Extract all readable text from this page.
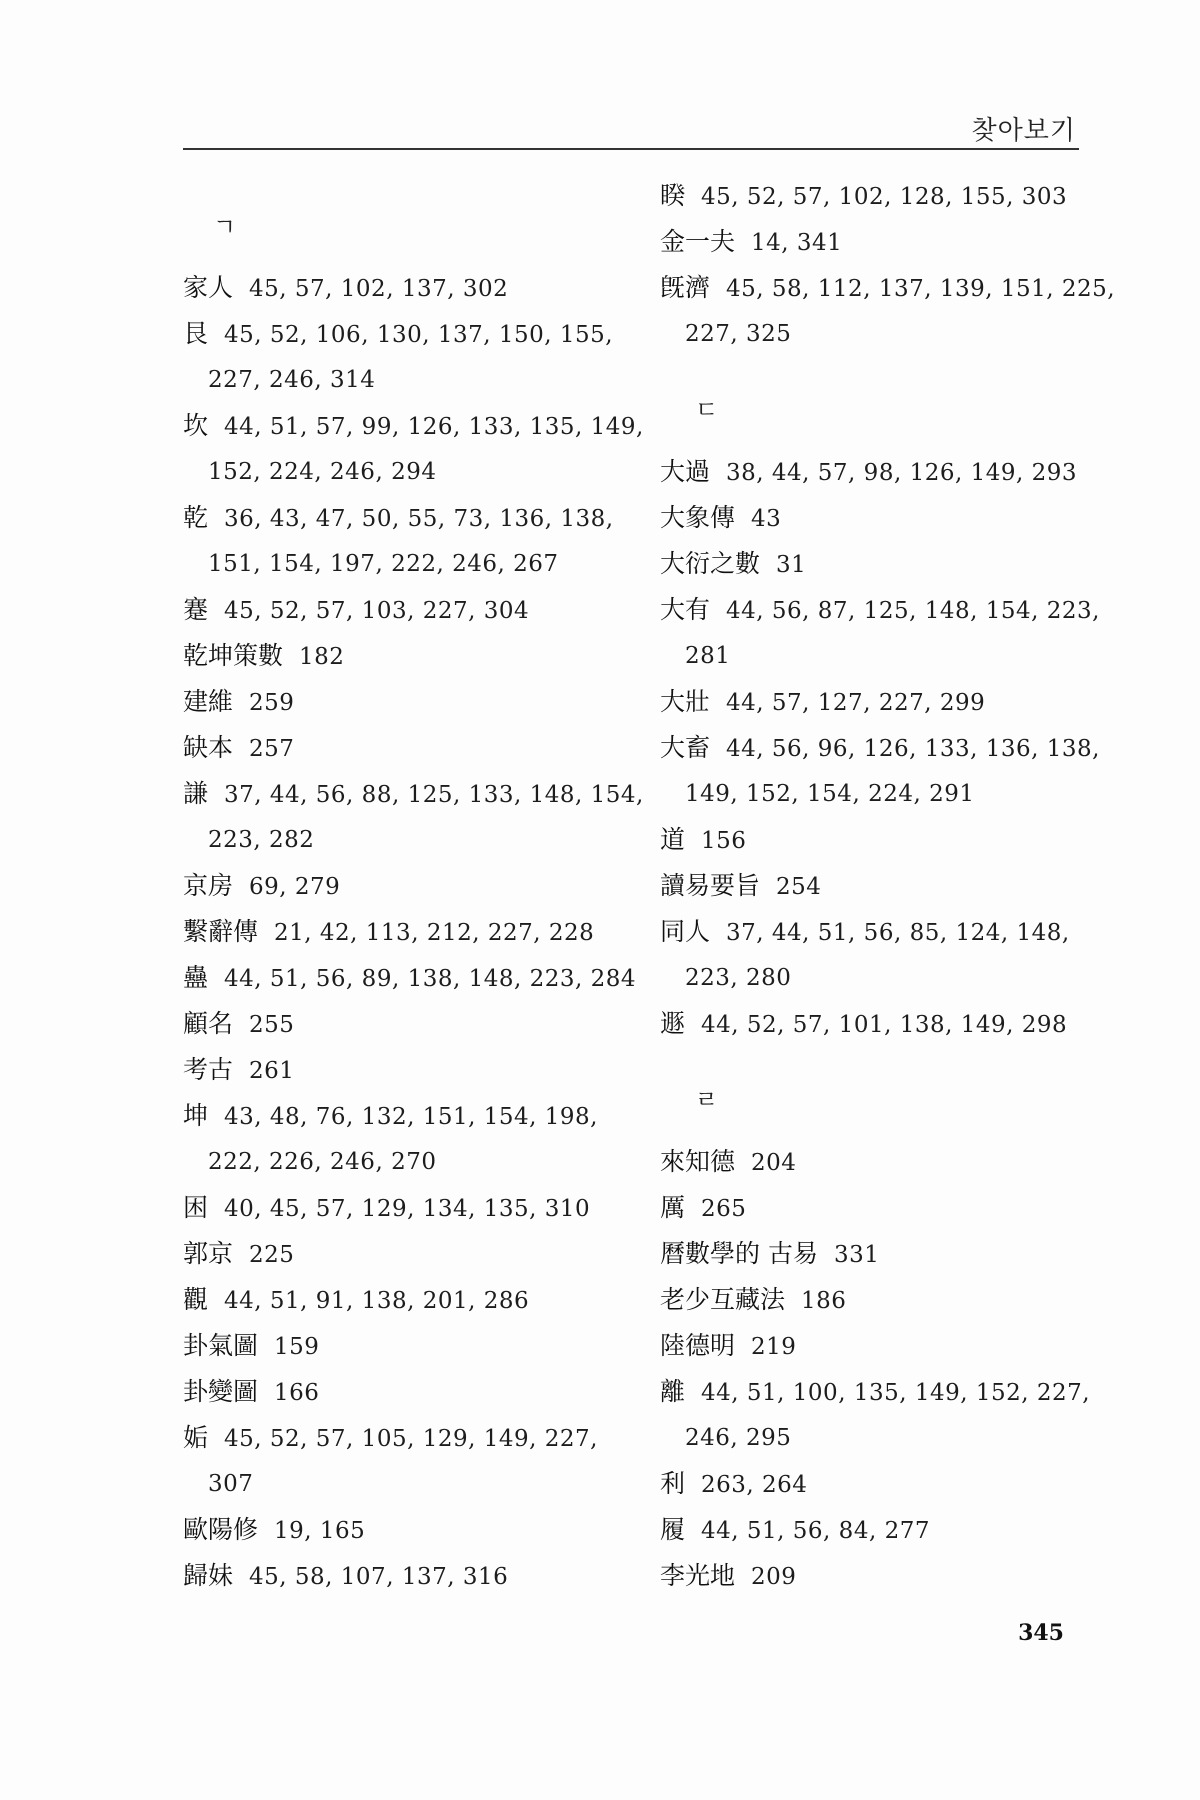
찾아보기
ㄱ
家人 45, 57, 102, 137, 302
艮 45, 52, 106, 130, 137, 150, 155,
227, 246, 314
坎 44, 51, 57, 99, 126, 133, 135, 149,
152, 224, 246, 294
乾 36, 43, 47, 50, 55, 73, 136, 138,
151, 154, 197, 222, 246, 267
蹇 45, 52, 57, 103, 227, 304
乾坤策數 182
建維 259
缺本 257
謙 37, 44, 56, 88, 125, 133, 148, 154,
223, 282
京房 69, 279
繫辭傳 21, 42, 113, 212, 227, 228
蠱 44, 51, 56, 89, 138, 148, 223, 284
顧名 255
考古 261
坤 43, 48, 76, 132, 151, 154, 198,
222, 226, 246, 270
困 40, 45, 57, 129, 134, 135, 310
郭京 225
觀 44, 51, 91, 138, 201, 286
卦氣圖 159
卦變圖 166
姤 45, 52, 57, 105, 129, 149, 227,
307
歐陽修 19, 165
歸妹 45, 58, 107, 137, 316
睽 45, 52, 57, 102, 128, 155, 303
金一夫 14, 341
旣濟 45, 58, 112, 137, 139, 151, 225,
227, 325
ㄷ
大過 38, 44, 57, 98, 126, 149, 293
大象傳 43
大衍之數 31
大有 44, 56, 87, 125, 148, 154, 223,
281
大壯 44, 57, 127, 227, 299
大畜 44, 56, 96, 126, 133, 136, 138,
149, 152, 154, 224, 291
道 156
讀易要旨 254
同人 37, 44, 51, 56, 85, 124, 148,
223, 280
遯 44, 52, 57, 101, 138, 149, 298
ㄹ
來知德 204
厲 265
曆數學的 古易 331
老少互藏法 186
陸德明 219
離 44, 51, 100, 135, 149, 152, 227,
246, 295
利 263, 264
履 44, 51, 56, 84, 277
李光地 209
345
